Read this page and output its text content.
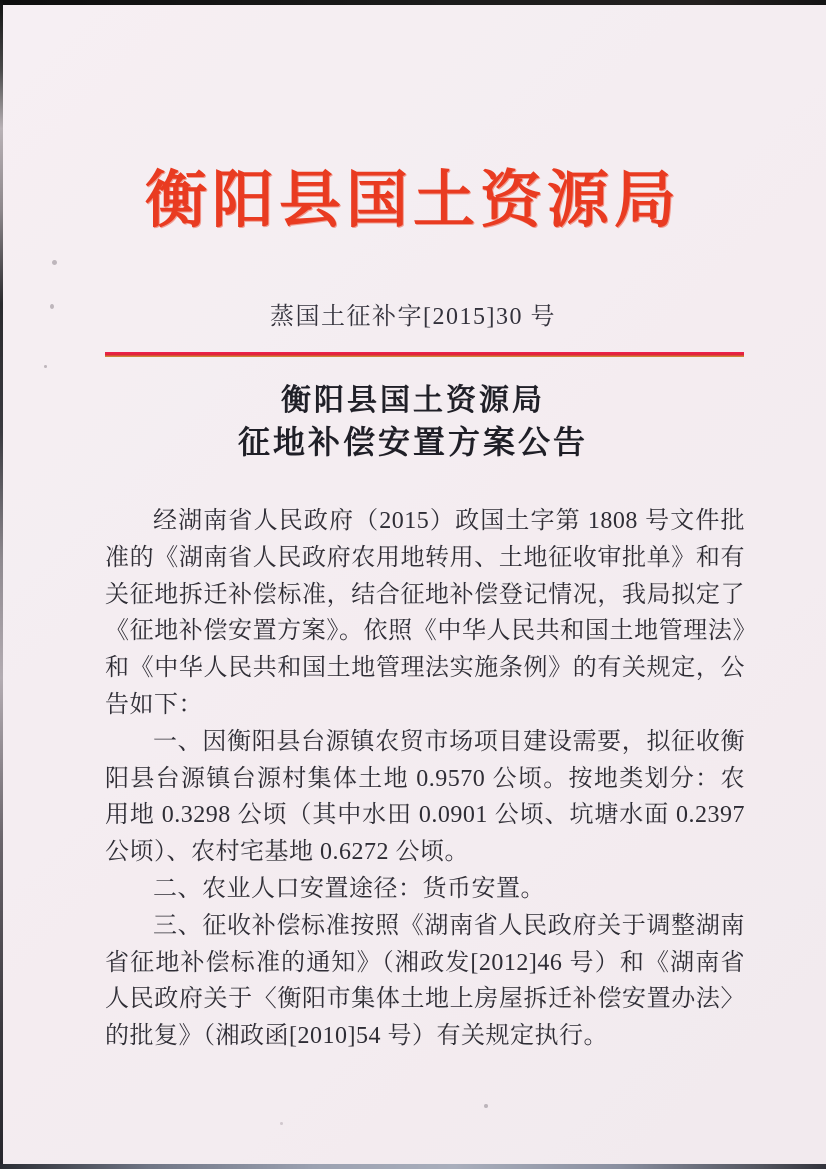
衡阳县国土资源局
蒸国土征补字[2015]30 号
衡阳县国土资源局
征地补偿安置方案公告

经湖南省人民政府（2015）政国土字第 1808 号文件批准的《湖南省人民政府农用地转用、土地征收审批单》和有关征地拆迁补偿标准，结合征地补偿登记情况，我局拟定了《征地补偿安置方案》。依照《中华人民共和国土地管理法》和《中华人民共和国土地管理法实施条例》的有关规定，公告如下：

一、因衡阳县台源镇农贸市场项目建设需要，拟征收衡阳县台源镇台源村集体土地 0.9570 公顷。按地类划分：农用地 0.3298 公顷（其中水田 0.0901 公顷、坑塘水面 0.2397 公顷）、农村宅基地 0.6272 公顷。

二、农业人口安置途径：货币安置。

三、征收补偿标准按照《湖南省人民政府关于调整湖南省征地补偿标准的通知》（湘政发[2012]46 号）和《湖南省人民政府关于〈衡阳市集体土地上房屋拆迁补偿安置办法〉的批复》（湘政函[2010]54 号）有关规定执行。
